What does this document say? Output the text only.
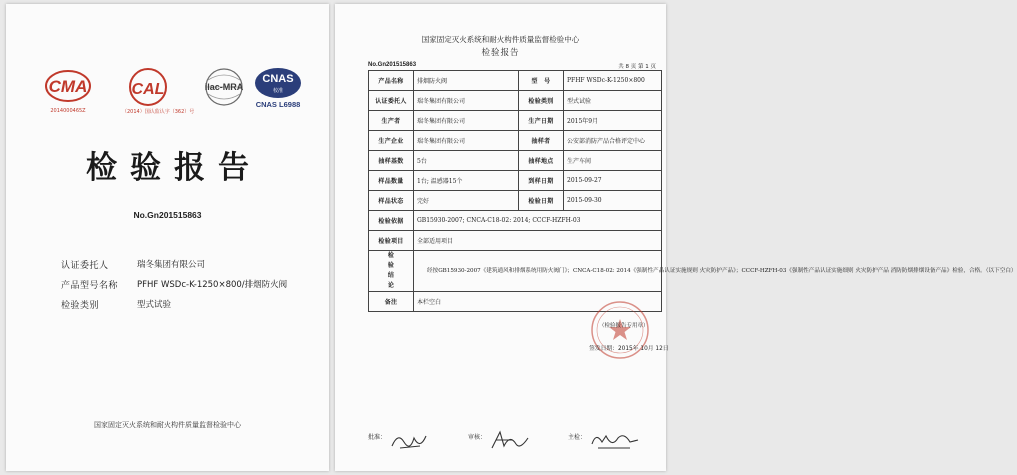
CMA
2014000465Z
CAL
（2014）国认监认字（362）号
ilac-MRA
CNAS
校准
CNAS L6988
检验报告
No.Gn201515863
认证委托人	瑞冬集团有限公司
产品型号名称	PFHF WSDc-K-1250×800/排烟防火阀
检验类别	型式试验
国家固定灭火系统和耐火构件质量监督检验中心
国家固定灭火系统和耐火构件质量监督检验中心
检验报告
No.Gn201515863	共 8 页 第 1 页
产品名称	排烟防火阀	型　号	PFHF WSDc-K-1250×800
认证委托人	瑞冬集团有限公司	检验类别	型式试验
生产者	瑞冬集团有限公司	生产日期	2015年9月
生产企业	瑞冬集团有限公司	抽样者	公安部消防产品合格评定中心
抽样基数	5台	抽样地点	生产车间
样品数量	1台; 温感器15个	到样日期	2015-09-27
样品状态	完好	检验日期	2015-09-30
检验依据	GB15930-2007; CNCA-C18-02: 2014; CCCF-HZFH-03		
检验项目	全部适用项目		
检验结论	经按GB15930-2007《建筑通风和排烟系统用防火阀门》；CNCA-C18-02: 2014《强制性产品认证实施规则 火灾防护产品》；CCCF-HZFH-03《强制性产品认证实施细则 火灾防护产品 消防防烟排烟设备产品》检验，合格。（以下空白）
（检验报告专用章）
签发日期：2015年 10月 12日		

备注	本栏空白		
批准：	审核：	主检：
